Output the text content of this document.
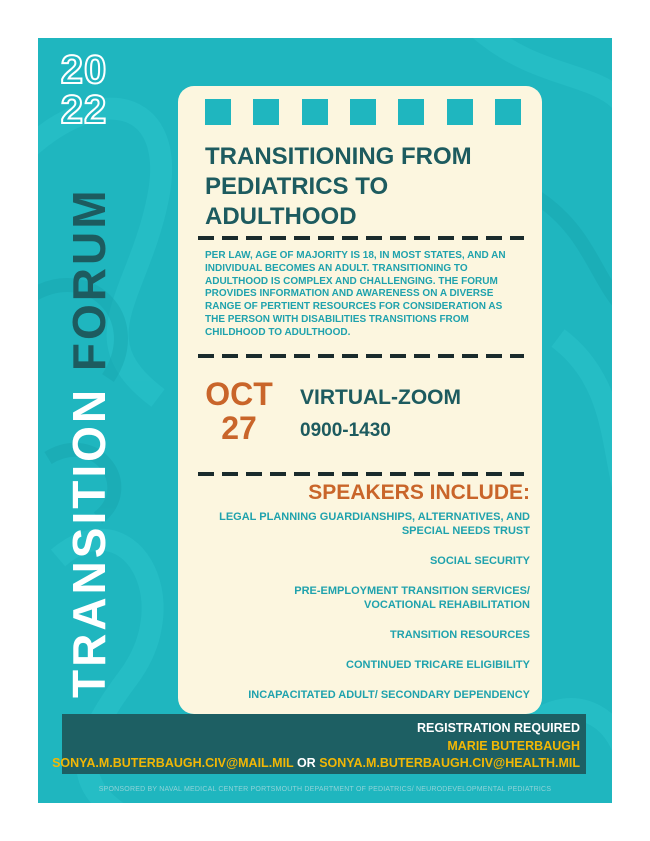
20
22
TRANSITION FORUM
TRANSITIONING FROM
PEDIATRICS TO
ADULTHOOD

PER LAW, AGE OF MAJORITY IS 18, IN MOST STATES, AND AN INDIVIDUAL BECOMES AN ADULT. TRANSITIONING TO ADULTHOOD IS COMPLEX AND CHALLENGING. THE FORUM PROVIDES INFORMATION AND AWARENESS ON A DIVERSE RANGE OF PERTIENT RESOURCES FOR CONSIDERATION AS THE PERSON WITH DISABILITIES TRANSITIONS FROM CHILDHOOD TO ADULTHOOD.

OCT
27
VIRTUAL-ZOOM
0900-1430
SPEAKERS INCLUDE:
LEGAL PLANNING GUARDIANSHIPS, ALTERNATIVES, AND
SPECIAL NEEDS TRUST
SOCIAL SECURITY
PRE-EMPLOYMENT TRANSITION SERVICES/
VOCATIONAL REHABILITATION
TRANSITION RESOURCES
CONTINUED TRICARE ELIGIBILITY
INCAPACITATED ADULT/ SECONDARY DEPENDENCY
REGISTRATION REQUIRED
MARIE BUTERBAUGH
SONYA.M.BUTERBAUGH.CIV@MAIL.MIL OR SONYA.M.BUTERBAUGH.CIV@HEALTH.MIL
SPONSORED BY NAVAL MEDICAL CENTER PORTSMOUTH DEPARTMENT OF PEDIATRICS/ NEURODEVELOPMENTAL PEDIATRICS
